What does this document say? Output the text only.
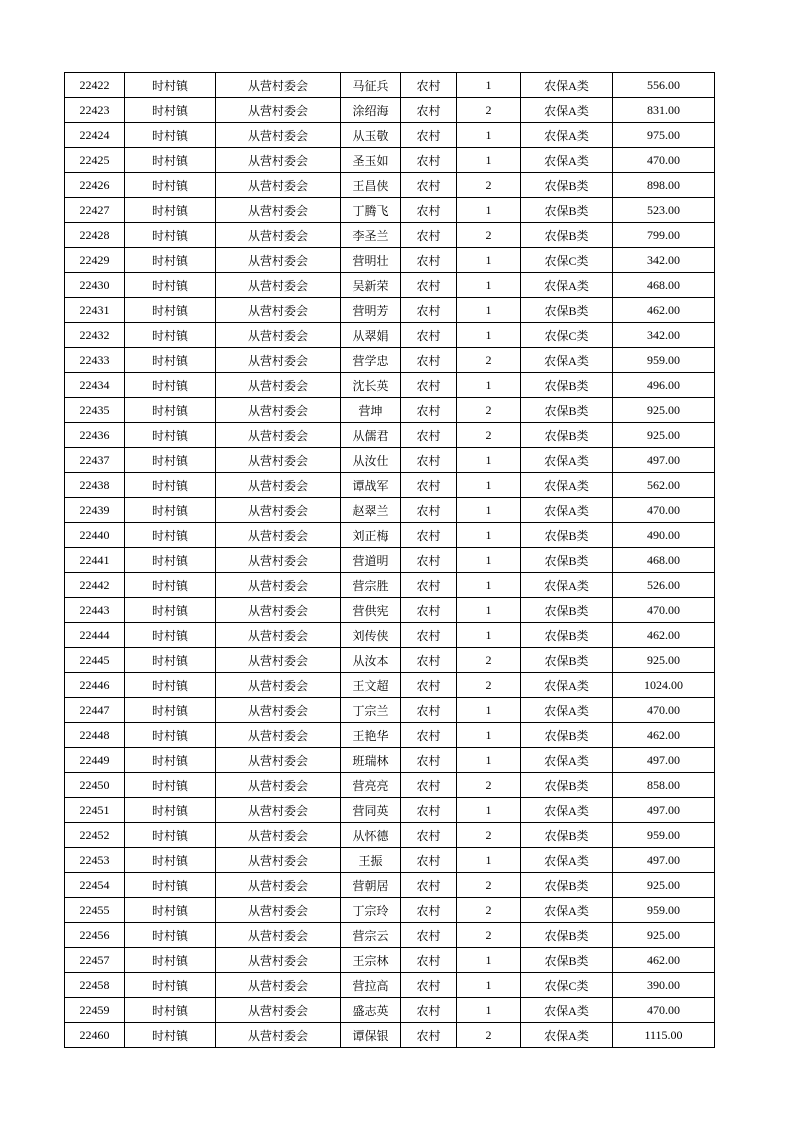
22422	时村镇	从营村委会	马征兵	农村	1	农保A类	556.00
22423	时村镇	从营村委会	涂绍海	农村	2	农保A类	831.00
22424	时村镇	从营村委会	从玉敬	农村	1	农保A类	975.00
22425	时村镇	从营村委会	圣玉如	农村	1	农保A类	470.00
22426	时村镇	从营村委会	王昌侠	农村	2	农保B类	898.00
22427	时村镇	从营村委会	丁腾飞	农村	1	农保B类	523.00
22428	时村镇	从营村委会	李圣兰	农村	2	农保B类	799.00
22429	时村镇	从营村委会	营明壮	农村	1	农保C类	342.00
22430	时村镇	从营村委会	吴新荣	农村	1	农保A类	468.00
22431	时村镇	从营村委会	营明芳	农村	1	农保B类	462.00
22432	时村镇	从营村委会	从翠娟	农村	1	农保C类	342.00
22433	时村镇	从营村委会	营学忠	农村	2	农保A类	959.00
22434	时村镇	从营村委会	沈长英	农村	1	农保B类	496.00
22435	时村镇	从营村委会	营坤	农村	2	农保B类	925.00
22436	时村镇	从营村委会	从儒君	农村	2	农保B类	925.00
22437	时村镇	从营村委会	从汝仕	农村	1	农保A类	497.00
22438	时村镇	从营村委会	谭战军	农村	1	农保A类	562.00
22439	时村镇	从营村委会	赵翠兰	农村	1	农保A类	470.00
22440	时村镇	从营村委会	刘正梅	农村	1	农保B类	490.00
22441	时村镇	从营村委会	营道明	农村	1	农保B类	468.00
22442	时村镇	从营村委会	营宗胜	农村	1	农保A类	526.00
22443	时村镇	从营村委会	营供宪	农村	1	农保B类	470.00
22444	时村镇	从营村委会	刘传侠	农村	1	农保B类	462.00
22445	时村镇	从营村委会	从汝本	农村	2	农保B类	925.00
22446	时村镇	从营村委会	王文超	农村	2	农保A类	1024.00
22447	时村镇	从营村委会	丁宗兰	农村	1	农保A类	470.00
22448	时村镇	从营村委会	王艳华	农村	1	农保B类	462.00
22449	时村镇	从营村委会	班瑞林	农村	1	农保A类	497.00
22450	时村镇	从营村委会	营亮亮	农村	2	农保B类	858.00
22451	时村镇	从营村委会	营同英	农村	1	农保A类	497.00
22452	时村镇	从营村委会	从怀德	农村	2	农保B类	959.00
22453	时村镇	从营村委会	王振	农村	1	农保A类	497.00
22454	时村镇	从营村委会	营朝居	农村	2	农保B类	925.00
22455	时村镇	从营村委会	丁宗玲	农村	2	农保A类	959.00
22456	时村镇	从营村委会	营宗云	农村	2	农保B类	925.00
22457	时村镇	从营村委会	王宗林	农村	1	农保B类	462.00
22458	时村镇	从营村委会	营拉高	农村	1	农保C类	390.00
22459	时村镇	从营村委会	盛志英	农村	1	农保A类	470.00
22460	时村镇	从营村委会	谭保银	农村	2	农保A类	1115.00
